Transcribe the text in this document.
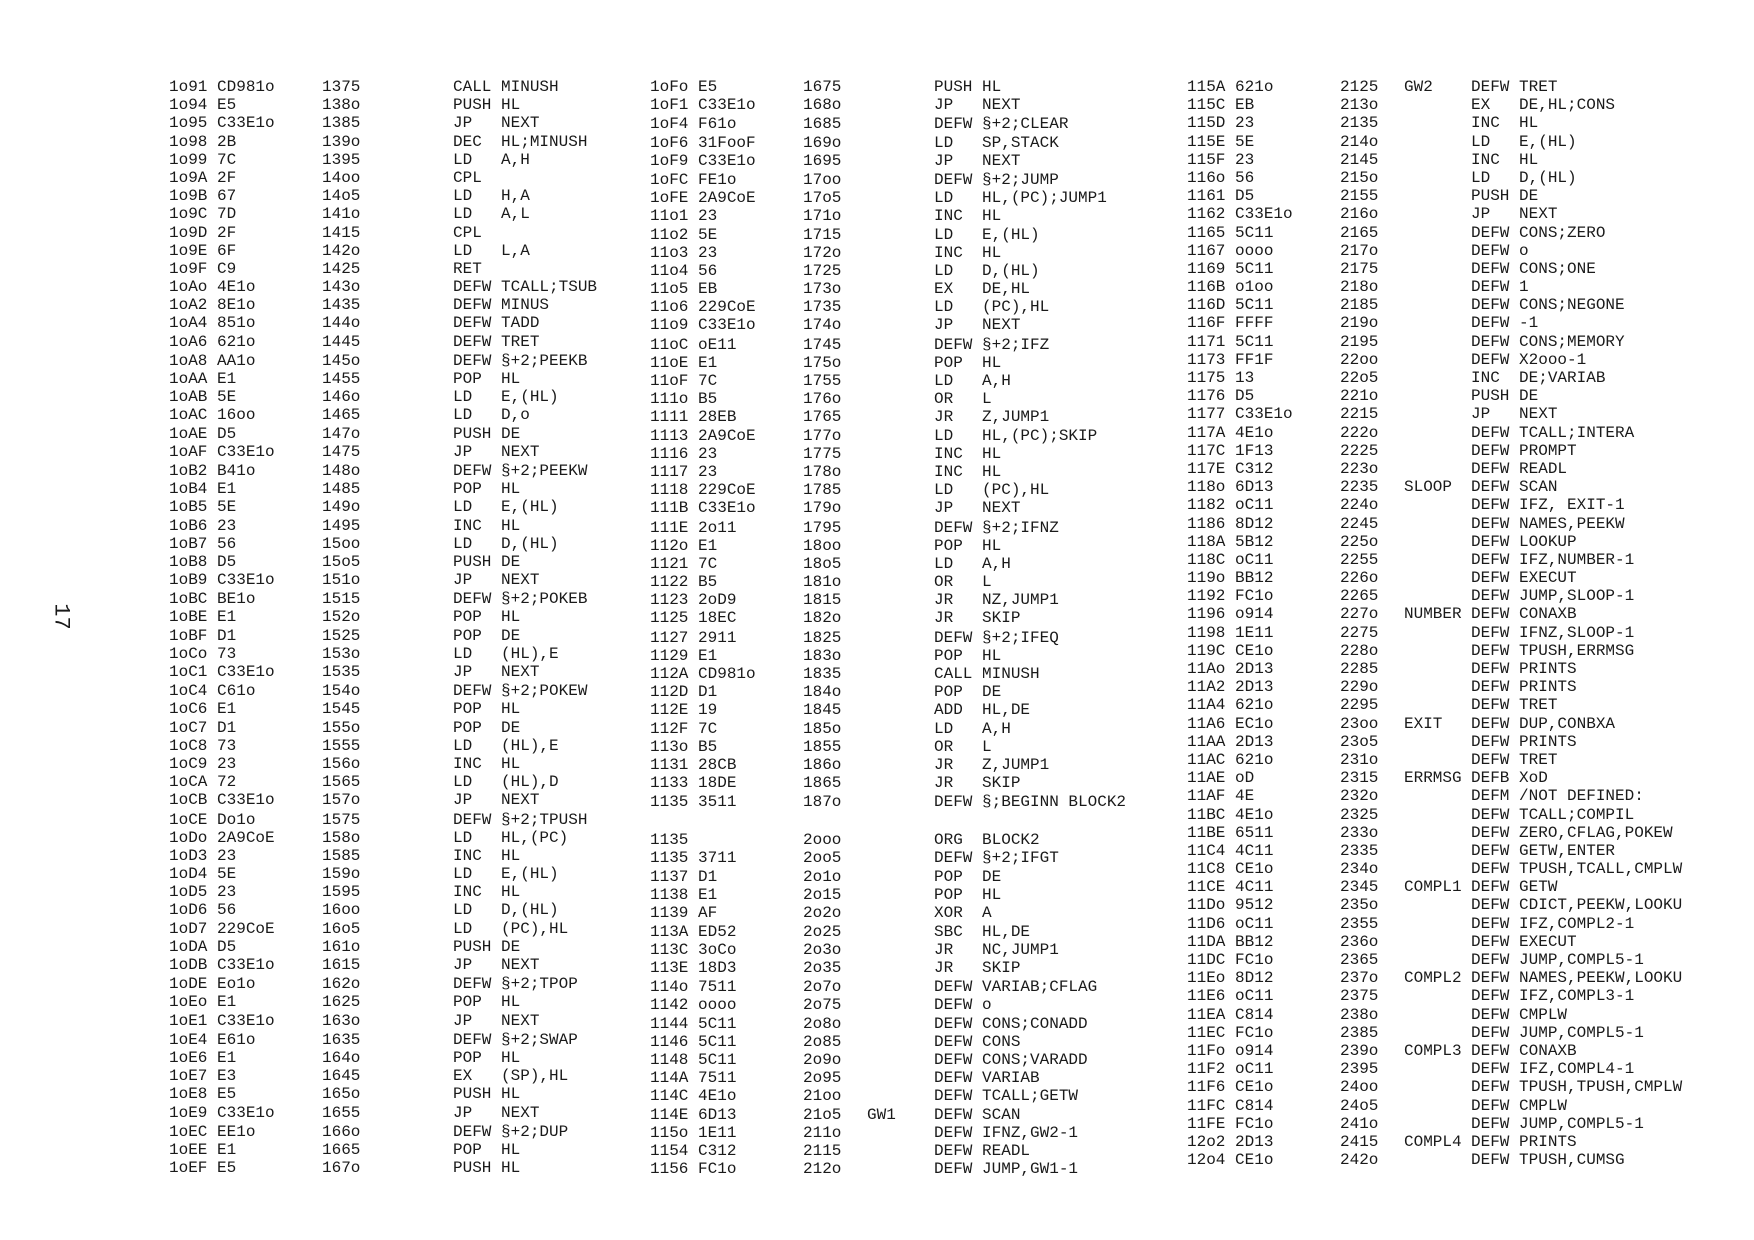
17
1o91 CD981o	1375	CALL MINUSH
1o94 E5	138o	PUSH HL
1o95 C33E1o	1385	JP   NEXT
1o98 2B	139o	DEC  HL;MINUSH
1o99 7C	1395	LD   A,H
1o9A 2F	14oo	CPL
1o9B 67	14o5	LD   H,A
1o9C 7D	141o	LD   A,L
1o9D 2F	1415	CPL
1o9E 6F	142o	LD   L,A
1o9F C9	1425	RET
1oAo 4E1o	143o	DEFW TCALL;TSUB
1oA2 8E1o	1435	DEFW MINUS
1oA4 851o	144o	DEFW TADD
1oA6 621o	1445	DEFW TRET
1oA8 AA1o	145o	DEFW §+2;PEEKB
1oAA E1	1455	POP  HL
1oAB 5E	146o	LD   E,(HL)
1oAC 16oo	1465	LD   D,o
1oAE D5	147o	PUSH DE
1oAF C33E1o	1475	JP   NEXT
1oB2 B41o	148o	DEFW §+2;PEEKW
1oB4 E1	1485	POP  HL
1oB5 5E	149o	LD   E,(HL)
1oB6 23	1495	INC  HL
1oB7 56	15oo	LD   D,(HL)
1oB8 D5	15o5	PUSH DE
1oB9 C33E1o	151o	JP   NEXT
1oBC BE1o	1515	DEFW §+2;POKEB
1oBE E1	152o	POP  HL
1oBF D1	1525	POP  DE
1oCo 73	153o	LD   (HL),E
1oC1 C33E1o	1535	JP   NEXT
1oC4 C61o	154o	DEFW §+2;POKEW
1oC6 E1	1545	POP  HL
1oC7 D1	155o	POP  DE
1oC8 73	1555	LD   (HL),E
1oC9 23	156o	INC  HL
1oCA 72	1565	LD   (HL),D
1oCB C33E1o	157o	JP   NEXT
1oCE Do1o	1575	DEFW §+2;TPUSH
1oDo 2A9CoE	158o	LD   HL,(PC)
1oD3 23	1585	INC  HL
1oD4 5E	159o	LD   E,(HL)
1oD5 23	1595	INC  HL
1oD6 56	16oo	LD   D,(HL)
1oD7 229CoE	16o5	LD   (PC),HL
1oDA D5	161o	PUSH DE
1oDB C33E1o	1615	JP   NEXT
1oDE Eo1o	162o	DEFW §+2;TPOP
1oEo E1	1625	POP  HL
1oE1 C33E1o	163o	JP   NEXT
1oE4 E61o	1635	DEFW §+2;SWAP
1oE6 E1	164o	POP  HL
1oE7 E3	1645	EX   (SP),HL
1oE8 E5	165o	PUSH HL
1oE9 C33E1o	1655	JP   NEXT
1oEC EE1o	166o	DEFW §+2;DUP
1oEE E1	1665	POP  HL
1oEF E5	167o	PUSH HL
1oFo E5	1675	PUSH HL
1oF1 C33E1o	168o	JP   NEXT
1oF4 F61o	1685	DEFW §+2;CLEAR
1oF6 31FooF	169o	LD   SP,STACK
1oF9 C33E1o	1695	JP   NEXT
1oFC FE1o	17oo	DEFW §+2;JUMP
1oFE 2A9CoE	17o5	LD   HL,(PC);JUMP1
11o1 23	171o	INC  HL
11o2 5E	1715	LD   E,(HL)
11o3 23	172o	INC  HL
11o4 56	1725	LD   D,(HL)
11o5 EB	173o	EX   DE,HL
11o6 229CoE	1735	LD   (PC),HL
11o9 C33E1o	174o	JP   NEXT
11oC oE11	1745	DEFW §+2;IFZ
11oE E1	175o	POP  HL
11oF 7C	1755	LD   A,H
111o B5	176o	OR   L
1111 28EB	1765	JR   Z,JUMP1
1113 2A9CoE	177o	LD   HL,(PC);SKIP
1116 23	1775	INC  HL
1117 23	178o	INC  HL
1118 229CoE	1785	LD   (PC),HL
111B C33E1o	179o	JP   NEXT
111E 2o11	1795	DEFW §+2;IFNZ
112o E1	18oo	POP  HL
1121 7C	18o5	LD   A,H
1122 B5	181o	OR   L
1123 2oD9	1815	JR   NZ,JUMP1
1125 18EC	182o	JR   SKIP
1127 2911	1825	DEFW §+2;IFEQ
1129 E1	183o	POP  HL
112A CD981o	1835	CALL MINUSH
112D D1	184o	POP  DE
112E 19	1845	ADD  HL,DE
112F 7C	185o	LD   A,H
113o B5	1855	OR   L
1131 28CB	186o	JR   Z,JUMP1
1133 18DE	1865	JR   SKIP
1135 3511	187o	DEFW §;BEGINN BLOCK2
1135	2ooo	ORG  BLOCK2
1135 3711	2oo5	DEFW §+2;IFGT
1137 D1	2o1o	POP  DE
1138 E1	2o15	POP  HL
1139 AF	2o2o	XOR  A
113A ED52	2o25	SBC  HL,DE
113C 3oCo	2o3o	JR   NC,JUMP1
113E 18D3	2o35	JR   SKIP
114o 7511	2o7o	DEFW VARIAB;CFLAG
1142 oooo	2o75	DEFW o
1144 5C11	2o8o	DEFW CONS;CONADD
1146 5C11	2o85	DEFW CONS
1148 5C11	2o9o	DEFW CONS;VARADD
114A 7511	2o95	DEFW VARIAB
114C 4E1o	21oo	DEFW TCALL;GETW
114E 6D13	21o5 GW1 DEFW SCAN
115o 1E11	211o	DEFW IFNZ,GW2-1
1154 C312	2115	DEFW READL
1156 FC1o	212o	DEFW JUMP,GW1-1
115A 621o	2125 GW2 DEFW TRET
115C EB	213o	EX   DE,HL;CONS
115D 23	2135	INC  HL
115E 5E	214o	LD   E,(HL)
115F 23	2145	INC  HL
116o 56	215o	LD   D,(HL)
1161 D5	2155	PUSH DE
1162 C33E1o	216o	JP   NEXT
1165 5C11	2165	DEFW CONS;ZERO
1167 oooo	217o	DEFW o
1169 5C11	2175	DEFW CONS;ONE
116B o1oo	218o	DEFW 1
116D 5C11	2185	DEFW CONS;NEGONE
116F FFFF	219o	DEFW -1
1171 5C11	2195	DEFW CONS;MEMORY
1173 FF1F	22oo	DEFW X2ooo-1
1175 13	22o5	INC  DE;VARIAB
1176 D5	221o	PUSH DE
1177 C33E1o	2215	JP   NEXT
117A 4E1o	222o	DEFW TCALL;INTERA
117C 1F13	2225	DEFW PROMPT
117E C312	223o	DEFW READL
118o 6D13	2235 SLOOP DEFW SCAN
1182 oC11	224o	DEFW IFZ, EXIT-1
1186 8D12	2245	DEFW NAMES,PEEKW
118A 5B12	225o	DEFW LOOKUP
118C oC11	2255	DEFW IFZ,NUMBER-1
119o BB12	226o	DEFW EXECUT
1192 FC1o	2265	DEFW JUMP,SLOOP-1
1196 o914	227o NUMBER DEFW CONAXB
1198 1E11	2275	DEFW IFNZ,SLOOP-1
119C CE1o	228o	DEFW TPUSH,ERRMSG
11Ao 2D13	2285	DEFW PRINTS
11A2 2D13	229o	DEFW PRINTS
11A4 621o	2295	DEFW TRET
11A6 EC1o	23oo EXIT DEFW DUP,CONBXA
11AA 2D13	23o5	DEFW PRINTS
11AC 621o	231o	DEFW TRET
11AE oD	2315 ERRMSG DEFB XoD
11AF 4E	232o	DEFM /NOT DEFINED:
11BC 4E1o	2325	DEFW TCALL;COMPIL
11BE 6511	233o	DEFW ZERO,CFLAG,POKEW
11C4 4C11	2335	DEFW GETW,ENTER
11C8 CE1o	234o	DEFW TPUSH,TCALL,CMPLW
11CE 4C11	2345 COMPL1 DEFW GETW
11Do 9512	235o	DEFW CDICT,PEEKW,LOOKU
11D6 oC11	2355	DEFW IFZ,COMPL2-1
11DA BB12	236o	DEFW EXECUT
11DC FC1o	2365	DEFW JUMP,COMPL5-1
11Eo 8D12	237o COMPL2 DEFW NAMES,PEEKW,LOOKU
11E6 oC11	2375	DEFW IFZ,COMPL3-1
11EA C814	238o	DEFW CMPLW
11EC FC1o	2385	DEFW JUMP,COMPL5-1
11Fo o914	239o COMPL3 DEFW CONAXB
11F2 oC11	2395	DEFW IFZ,COMPL4-1
11F6 CE1o	24oo	DEFW TPUSH,TPUSH,CMPLW
11FC C814	24o5	DEFW CMPLW
11FE FC1o	241o	DEFW JUMP,COMPL5-1
12o2 2D13	2415 COMPL4 DEFW PRINTS
12o4 CE1o	242o	DEFW TPUSH,CUMSG
